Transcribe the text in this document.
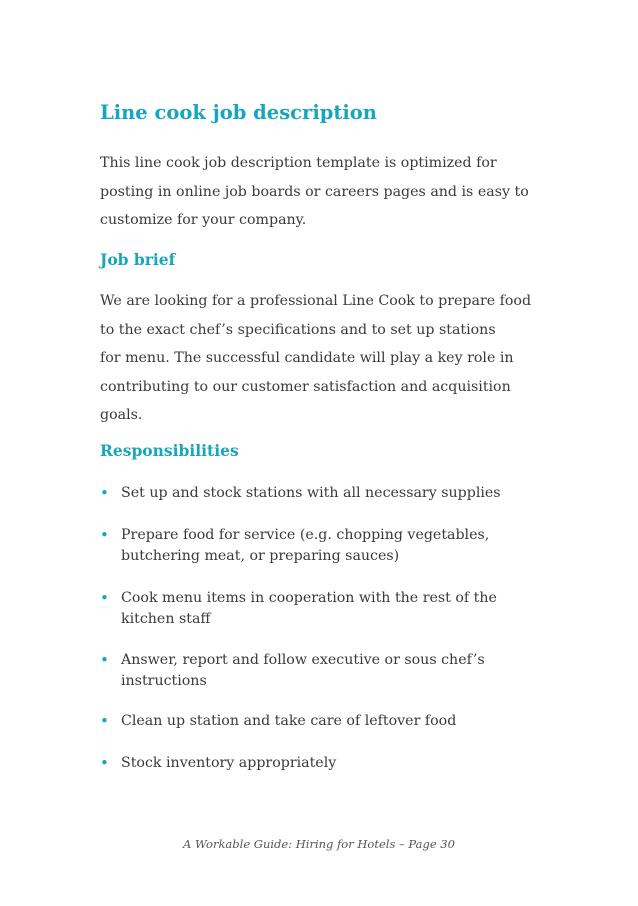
Line cook job description
This line cook job description template is optimized for
posting in online job boards or careers pages and is easy to
customize for your company.
Job brief
We are looking for a professional Line Cook to prepare food
to the exact chef’s specifications and to set up stations
for menu. The successful candidate will play a key role in
contributing to our customer satisfaction and acquisition
goals.
Responsibilities
• Set up and stock stations with all necessary supplies
• Prepare food for service (e.g. chopping vegetables,
butchering meat, or preparing sauces)
• Cook menu items in cooperation with the rest of the
kitchen staff
• Answer, report and follow executive or sous chef’s
instructions
• Clean up station and take care of leftover food
• Stock inventory appropriately
A Workable Guide: Hiring for Hotels – Page 30
